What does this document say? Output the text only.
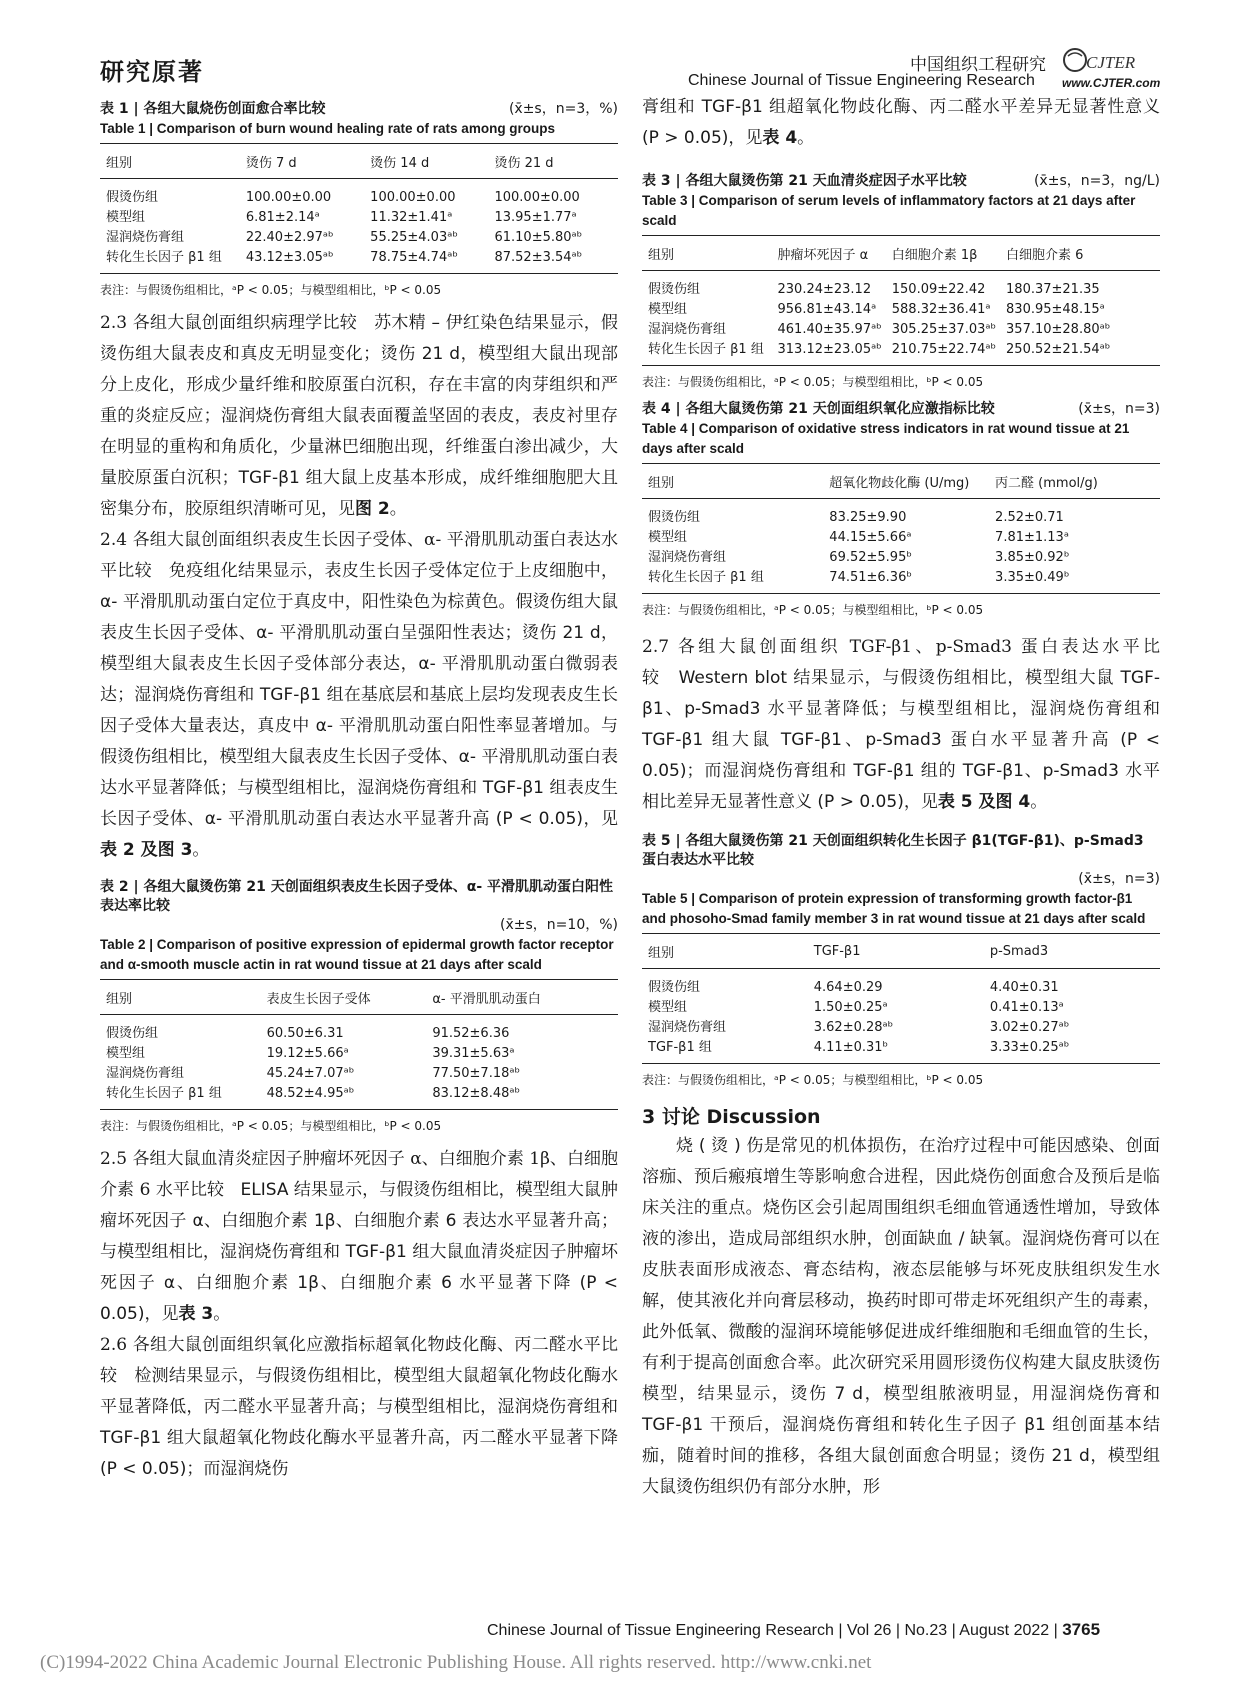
研究原著	中国组织工程研究
Chinese Journal of Tissue Engineering Research
CJTER
www.CJTER.com
表 1 | 各组大鼠烧伤创面愈合率比较	(x̄±s，n=3，%)
Table 1 | Comparison of burn wound healing rate of rats among groups
组别	烫伤 7 d	烫伤 14 d	烫伤 21 d
假烫伤组	100.00±0.00	100.00±0.00	100.00±0.00
模型组	6.81±2.14ᵃ	11.32±1.41ᵃ	13.95±1.77ᵃ
湿润烧伤膏组	22.40±2.97ᵃᵇ	55.25±4.03ᵃᵇ	61.10±5.80ᵃᵇ
转化生长因子 β1 组	43.12±3.05ᵃᵇ	78.75±4.74ᵃᵇ	87.52±3.54ᵃᵇ
表注：与假烫伤组相比，ᵃP < 0.05；与模型组相比，ᵇP < 0.05

2.3 各组大鼠创面组织病理学比较 苏木精 – 伊红染色结果显示，假烫伤组大鼠表皮和真皮无明显变化；烫伤 21 d，模型组大鼠出现部分上皮化，形成少量纤维和胶原蛋白沉积，存在丰富的肉芽组织和严重的炎症反应；湿润烧伤膏组大鼠表面覆盖坚固的表皮，表皮衬里存在明显的重构和角质化，少量淋巴细胞出现，纤维蛋白渗出减少，大量胶原蛋白沉积；TGF-β1 组大鼠上皮基本形成，成纤维细胞肥大且密集分布，胶原组织清晰可见，见图 2。

2.4 各组大鼠创面组织表皮生长因子受体、α- 平滑肌肌动蛋白表达水平比较 免疫组化结果显示，表皮生长因子受体定位于上皮细胞中，α- 平滑肌肌动蛋白定位于真皮中，阳性染色为棕黄色。假烫伤组大鼠表皮生长因子受体、α- 平滑肌肌动蛋白呈强阳性表达；烫伤 21 d，模型组大鼠表皮生长因子受体部分表达，α- 平滑肌肌动蛋白微弱表达；湿润烧伤膏组和 TGF-β1 组在基底层和基底上层均发现表皮生长因子受体大量表达，真皮中 α- 平滑肌肌动蛋白阳性率显著增加。与假烫伤组相比，模型组大鼠表皮生长因子受体、α- 平滑肌肌动蛋白表达水平显著降低；与模型组相比，湿润烧伤膏组和 TGF-β1 组表皮生长因子受体、α- 平滑肌肌动蛋白表达水平显著升高 (P < 0.05)，见表 2 及图 3。

表 2 | 各组大鼠烫伤第 21 天创面组织表皮生长因子受体、α- 平滑肌肌动蛋白阳性表达率比较
(x̄±s，n=10，%)
Table 2 | Comparison of positive expression of epidermal growth factor receptor and α-smooth muscle actin in rat wound tissue at 21 days after scald
组别	表皮生长因子受体	α- 平滑肌肌动蛋白
假烫伤组	60.50±6.31	91.52±6.36
模型组	19.12±5.66ᵃ	39.31±5.63ᵃ
湿润烧伤膏组	45.24±7.07ᵃᵇ	77.50±7.18ᵃᵇ
转化生长因子 β1 组	48.52±4.95ᵃᵇ	83.12±8.48ᵃᵇ
表注：与假烫伤组相比，ᵃP < 0.05；与模型组相比，ᵇP < 0.05

2.5 各组大鼠血清炎症因子肿瘤坏死因子 α、白细胞介素 1β、白细胞介素 6 水平比较 ELISA 结果显示，与假烫伤组相比，模型组大鼠肿瘤坏死因子 α、白细胞介素 1β、白细胞介素 6 表达水平显著升高；与模型组相比，湿润烧伤膏组和 TGF-β1 组大鼠血清炎症因子肿瘤坏死因子 α、白细胞介素 1β、白细胞介素 6 水平显著下降 (P < 0.05)，见表 3。

2.6 各组大鼠创面组织氧化应激指标超氧化物歧化酶、丙二醛水平比较 检测结果显示，与假烫伤组相比，模型组大鼠超氧化物歧化酶水平显著降低，丙二醛水平显著升高；与模型组相比，湿润烧伤膏组和 TGF-β1 组大鼠超氧化物歧化酶水平显著升高，丙二醛水平显著下降 (P < 0.05)；而湿润烧伤

膏组和 TGF-β1 组超氧化物歧化酶、丙二醛水平差异无显著性意义 (P > 0.05)，见表 4。

表 3 | 各组大鼠烫伤第 21 天血清炎症因子水平比较	(x̄±s，n=3，ng/L)
Table 3 | Comparison of serum levels of inflammatory factors at 21 days after scald
组别	肿瘤坏死因子 α	白细胞介素 1β	白细胞介素 6
假烫伤组	230.24±23.12	150.09±22.42	180.37±21.35
模型组	956.81±43.14ᵃ	588.32±36.41ᵃ	830.95±48.15ᵃ
湿润烧伤膏组	461.40±35.97ᵃᵇ	305.25±37.03ᵃᵇ	357.10±28.80ᵃᵇ
转化生长因子 β1 组	313.12±23.05ᵃᵇ	210.75±22.74ᵃᵇ	250.52±21.54ᵃᵇ
表注：与假烫伤组相比，ᵃP < 0.05；与模型组相比，ᵇP < 0.05
表 4 | 各组大鼠烫伤第 21 天创面组织氧化应激指标比较	(x̄±s，n=3)
Table 4 | Comparison of oxidative stress indicators in rat wound tissue at 21 days after scald
组别	超氧化物歧化酶 (U/mg)	丙二醛 (mmol/g)
假烫伤组	83.25±9.90	2.52±0.71
模型组	44.15±5.66ᵃ	7.81±1.13ᵃ
湿润烧伤膏组	69.52±5.95ᵇ	3.85±0.92ᵇ
转化生长因子 β1 组	74.51±6.36ᵇ	3.35±0.49ᵇ
表注：与假烫伤组相比，ᵃP < 0.05；与模型组相比，ᵇP < 0.05

2.7 各组大鼠创面组织 TGF-β1、p-Smad3 蛋白表达水平比较 Western blot 结果显示，与假烫伤组相比，模型组大鼠 TGF-β1、p-Smad3 水平显著降低；与模型组相比，湿润烧伤膏组和 TGF-β1 组大鼠 TGF-β1、p-Smad3 蛋白水平显著升高 (P < 0.05)；而湿润烧伤膏组和 TGF-β1 组的 TGF-β1、p-Smad3 水平相比差异无显著性意义 (P > 0.05)，见表 5 及图 4。

表 5 | 各组大鼠烫伤第 21 天创面组织转化生长因子 β1(TGF-β1)、p-Smad3 蛋白表达水平比较
(x̄±s，n=3)
Table 5 | Comparison of protein expression of transforming growth factor-β1 and phosoho-Smad family member 3 in rat wound tissue at 21 days after scald
组别	TGF-β1	p-Smad3
假烫伤组	4.64±0.29	4.40±0.31
模型组	1.50±0.25ᵃ	0.41±0.13ᵃ
湿润烧伤膏组	3.62±0.28ᵃᵇ	3.02±0.27ᵃᵇ
TGF-β1 组	4.11±0.31ᵇ	3.33±0.25ᵃᵇ
表注：与假烫伤组相比，ᵃP < 0.05；与模型组相比，ᵇP < 0.05
3 讨论 Discussion

烧 ( 烫 ) 伤是常见的机体损伤，在治疗过程中可能因感染、创面溶痂、预后瘢痕增生等影响愈合进程，因此烧伤创面愈合及预后是临床关注的重点。烧伤区会引起周围组织毛细血管通透性增加，导致体液的渗出，造成局部组织水肿，创面缺血 / 缺氧。湿润烧伤膏可以在皮肤表面形成液态、膏态结构，液态层能够与坏死皮肤组织发生水解，使其液化并向膏层移动，换药时即可带走坏死组织产生的毒素，此外低氧、微酸的湿润环境能够促进成纤维细胞和毛细血管的生长，有利于提高创面愈合率。此次研究采用圆形烫伤仪构建大鼠皮肤烫伤模型，结果显示，烫伤 7 d，模型组脓液明显，用湿润烧伤膏和 TGF-β1 干预后，湿润烧伤膏组和转化生子因子 β1 组创面基本结痂，随着时间的推移，各组大鼠创面愈合明显；烫伤 21 d，模型组大鼠烫伤组织仍有部分水肿，形

Chinese Journal of Tissue Engineering Research | Vol 26 | No.23 | August 2022 | 3765
(C)1994-2022 China Academic Journal Electronic Publishing House. All rights reserved. http://www.cnki.net
